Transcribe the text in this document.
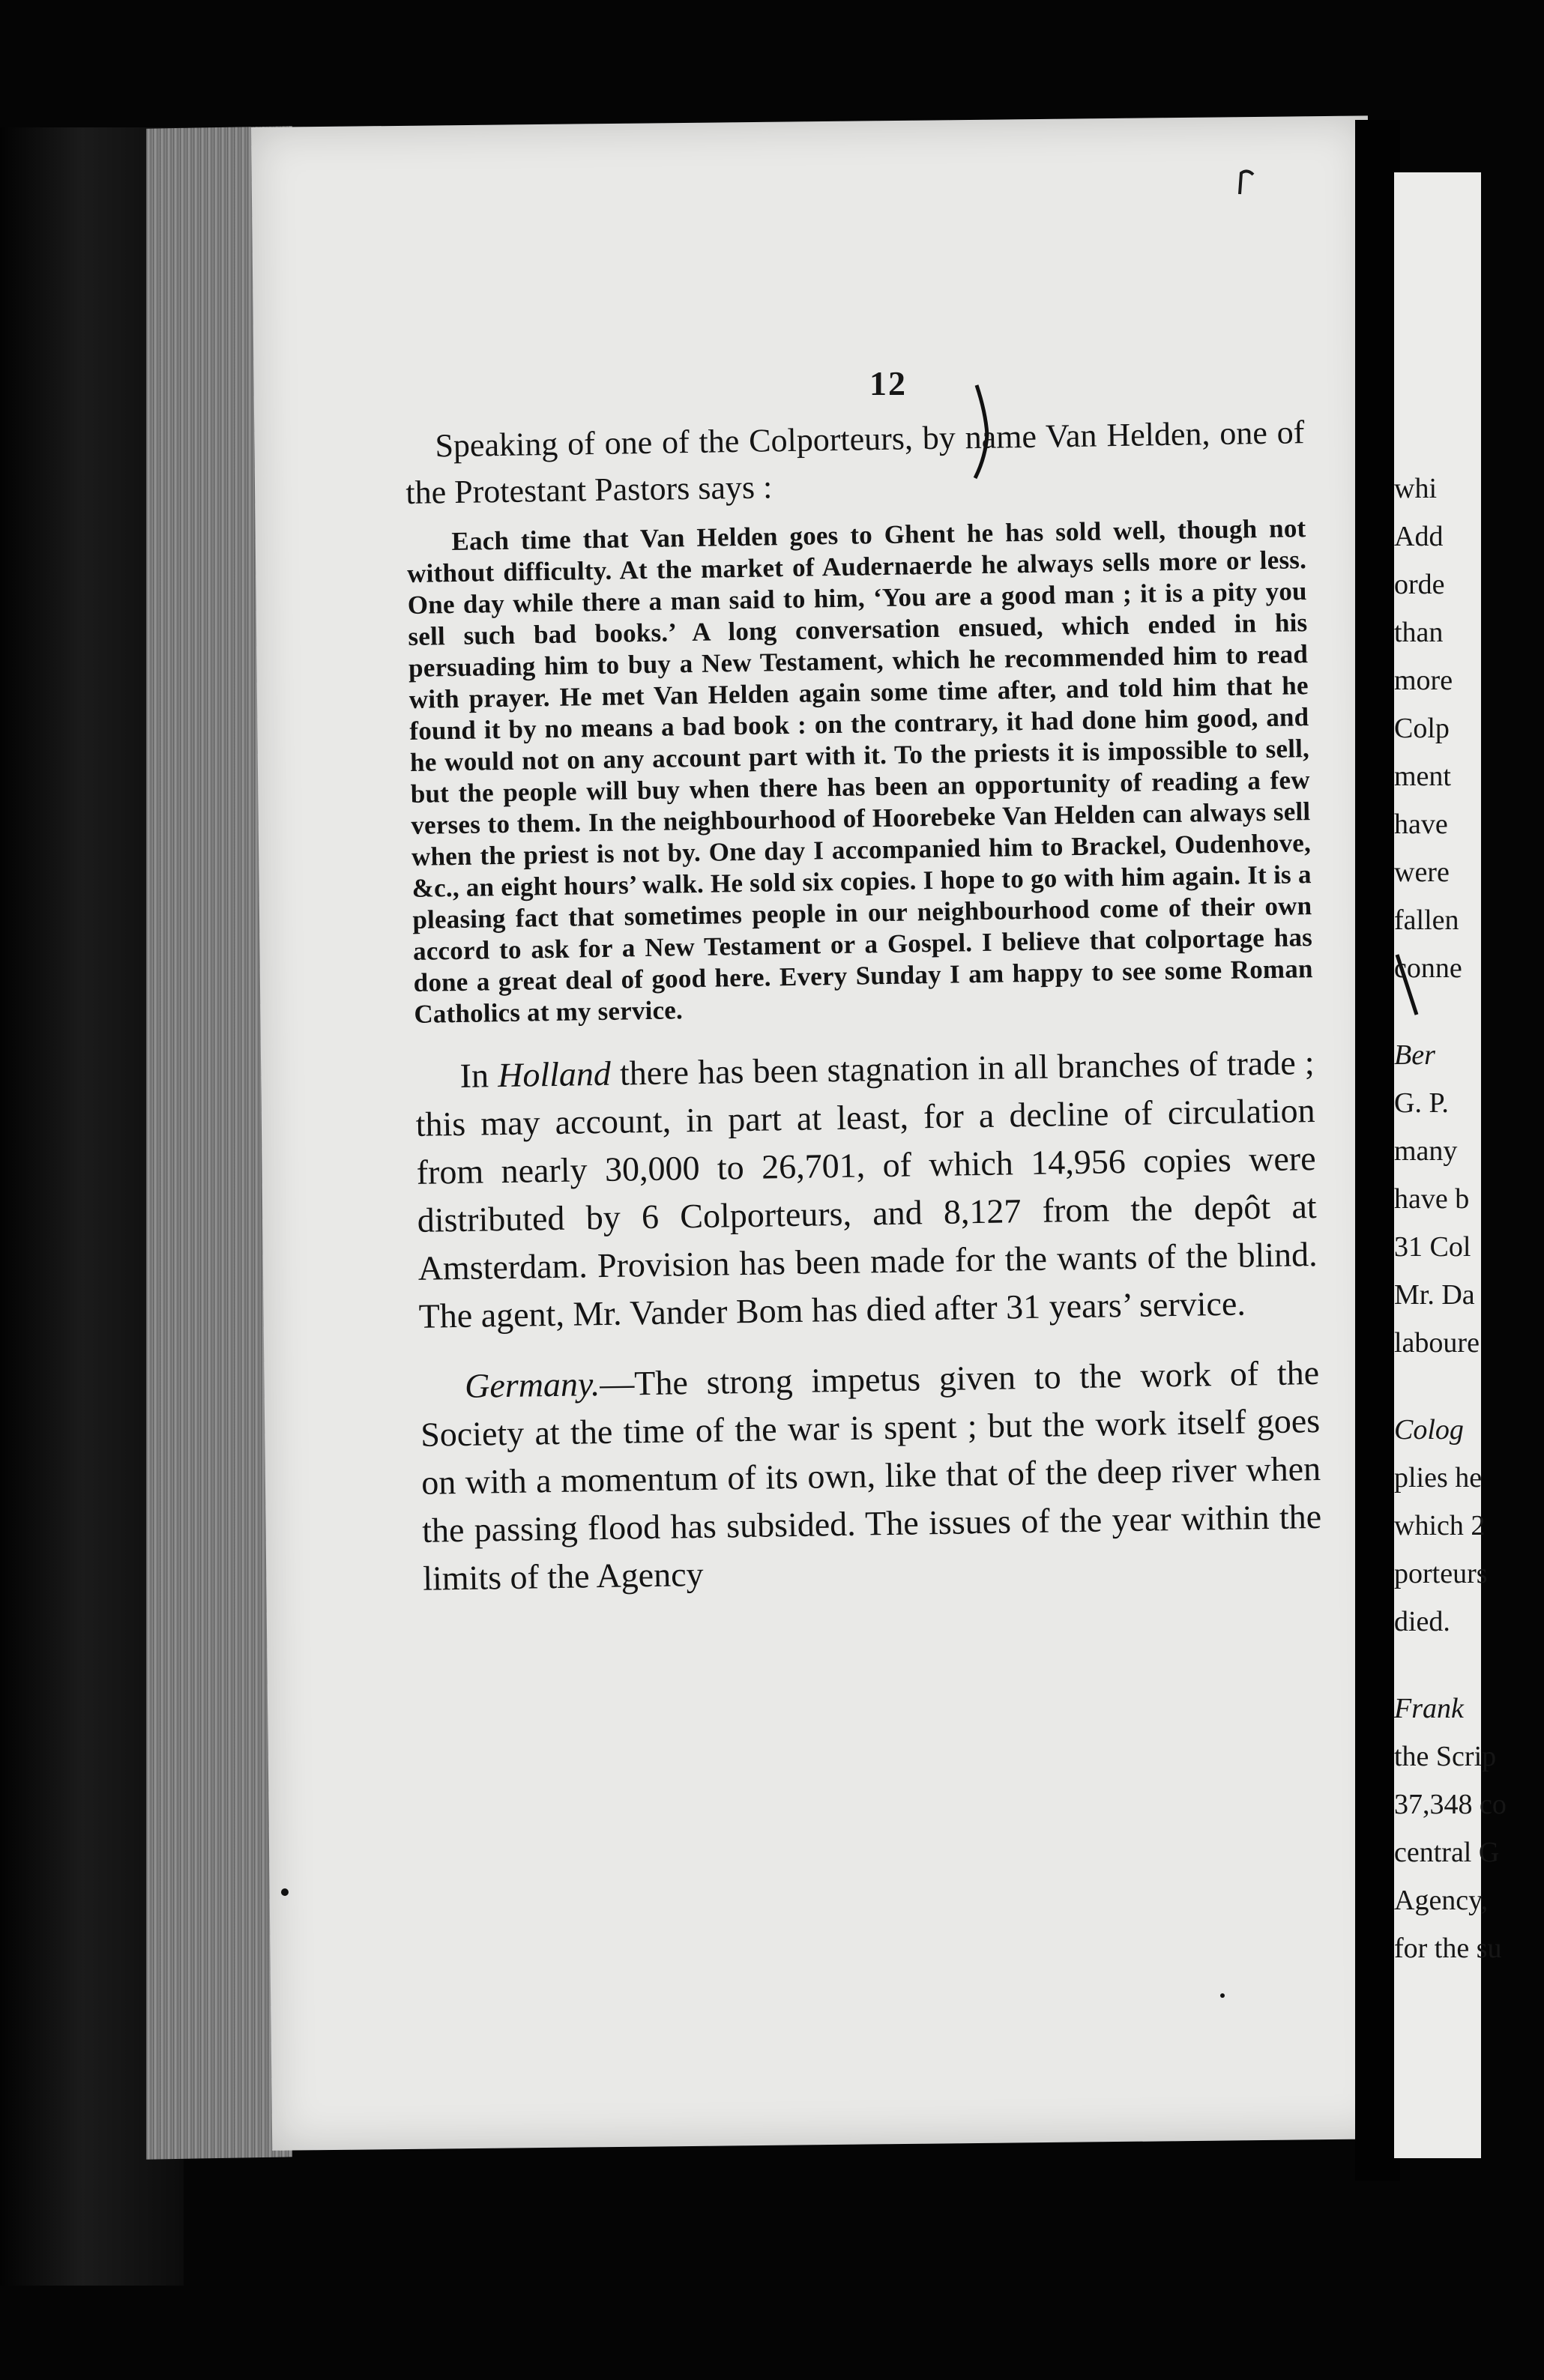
whi
Add
orde
than
more
Colp
ment
have
were
fallen
conne
Ber
G. P.
many
have b
31 Col
Mr. Da
laboure
Colog
plies he
which 2
porteurs
died.
Frank
the Scrip
37,348 co
central G
Agency,
for the su
12

Speaking of one of the Colporteurs, by name Van Helden, one of the Protestant Pastors says :

Each time that Van Helden goes to Ghent he has sold well, though not without difficulty. At the market of Audernaerde he always sells more or less. One day while there a man said to him, ‘You are a good man ; it is a pity you sell such bad books.’ A long conversation ensued, which ended in his persuading him to buy a New Testament, which he recommended him to read with prayer. He met Van Helden again some time after, and told him that he found it by no means a bad book : on the contrary, it had done him good, and he would not on any account part with it. To the priests it is impossible to sell, but the people will buy when there has been an opportunity of reading a few verses to them. In the neighbourhood of Hoorebeke Van Helden can always sell when the priest is not by. One day I accompanied him to Brackel, Oudenhove, &c., an eight hours’ walk. He sold six copies. I hope to go with him again. It is a pleasing fact that sometimes people in our neighbourhood come of their own accord to ask for a New Testament or a Gospel. I believe that colportage has done a great deal of good here. Every Sunday I am happy to see some Roman Catholics at my service.

In Holland there has been stagnation in all branches of trade ; this may account, in part at least, for a decline of circulation from nearly 30,000 to 26,701, of which 14,956 copies were distributed by 6 Colporteurs, and 8,127 from the depôt at Amsterdam. Provision has been made for the wants of the blind. The agent, Mr. Vander Bom has died after 31 years’ service.

Germany.—The strong impetus given to the work of the Society at the time of the war is spent ; but the work itself goes on with a momentum of its own, like that of the deep river when the passing flood has subsided. The issues of the year within the limits of the Agency
